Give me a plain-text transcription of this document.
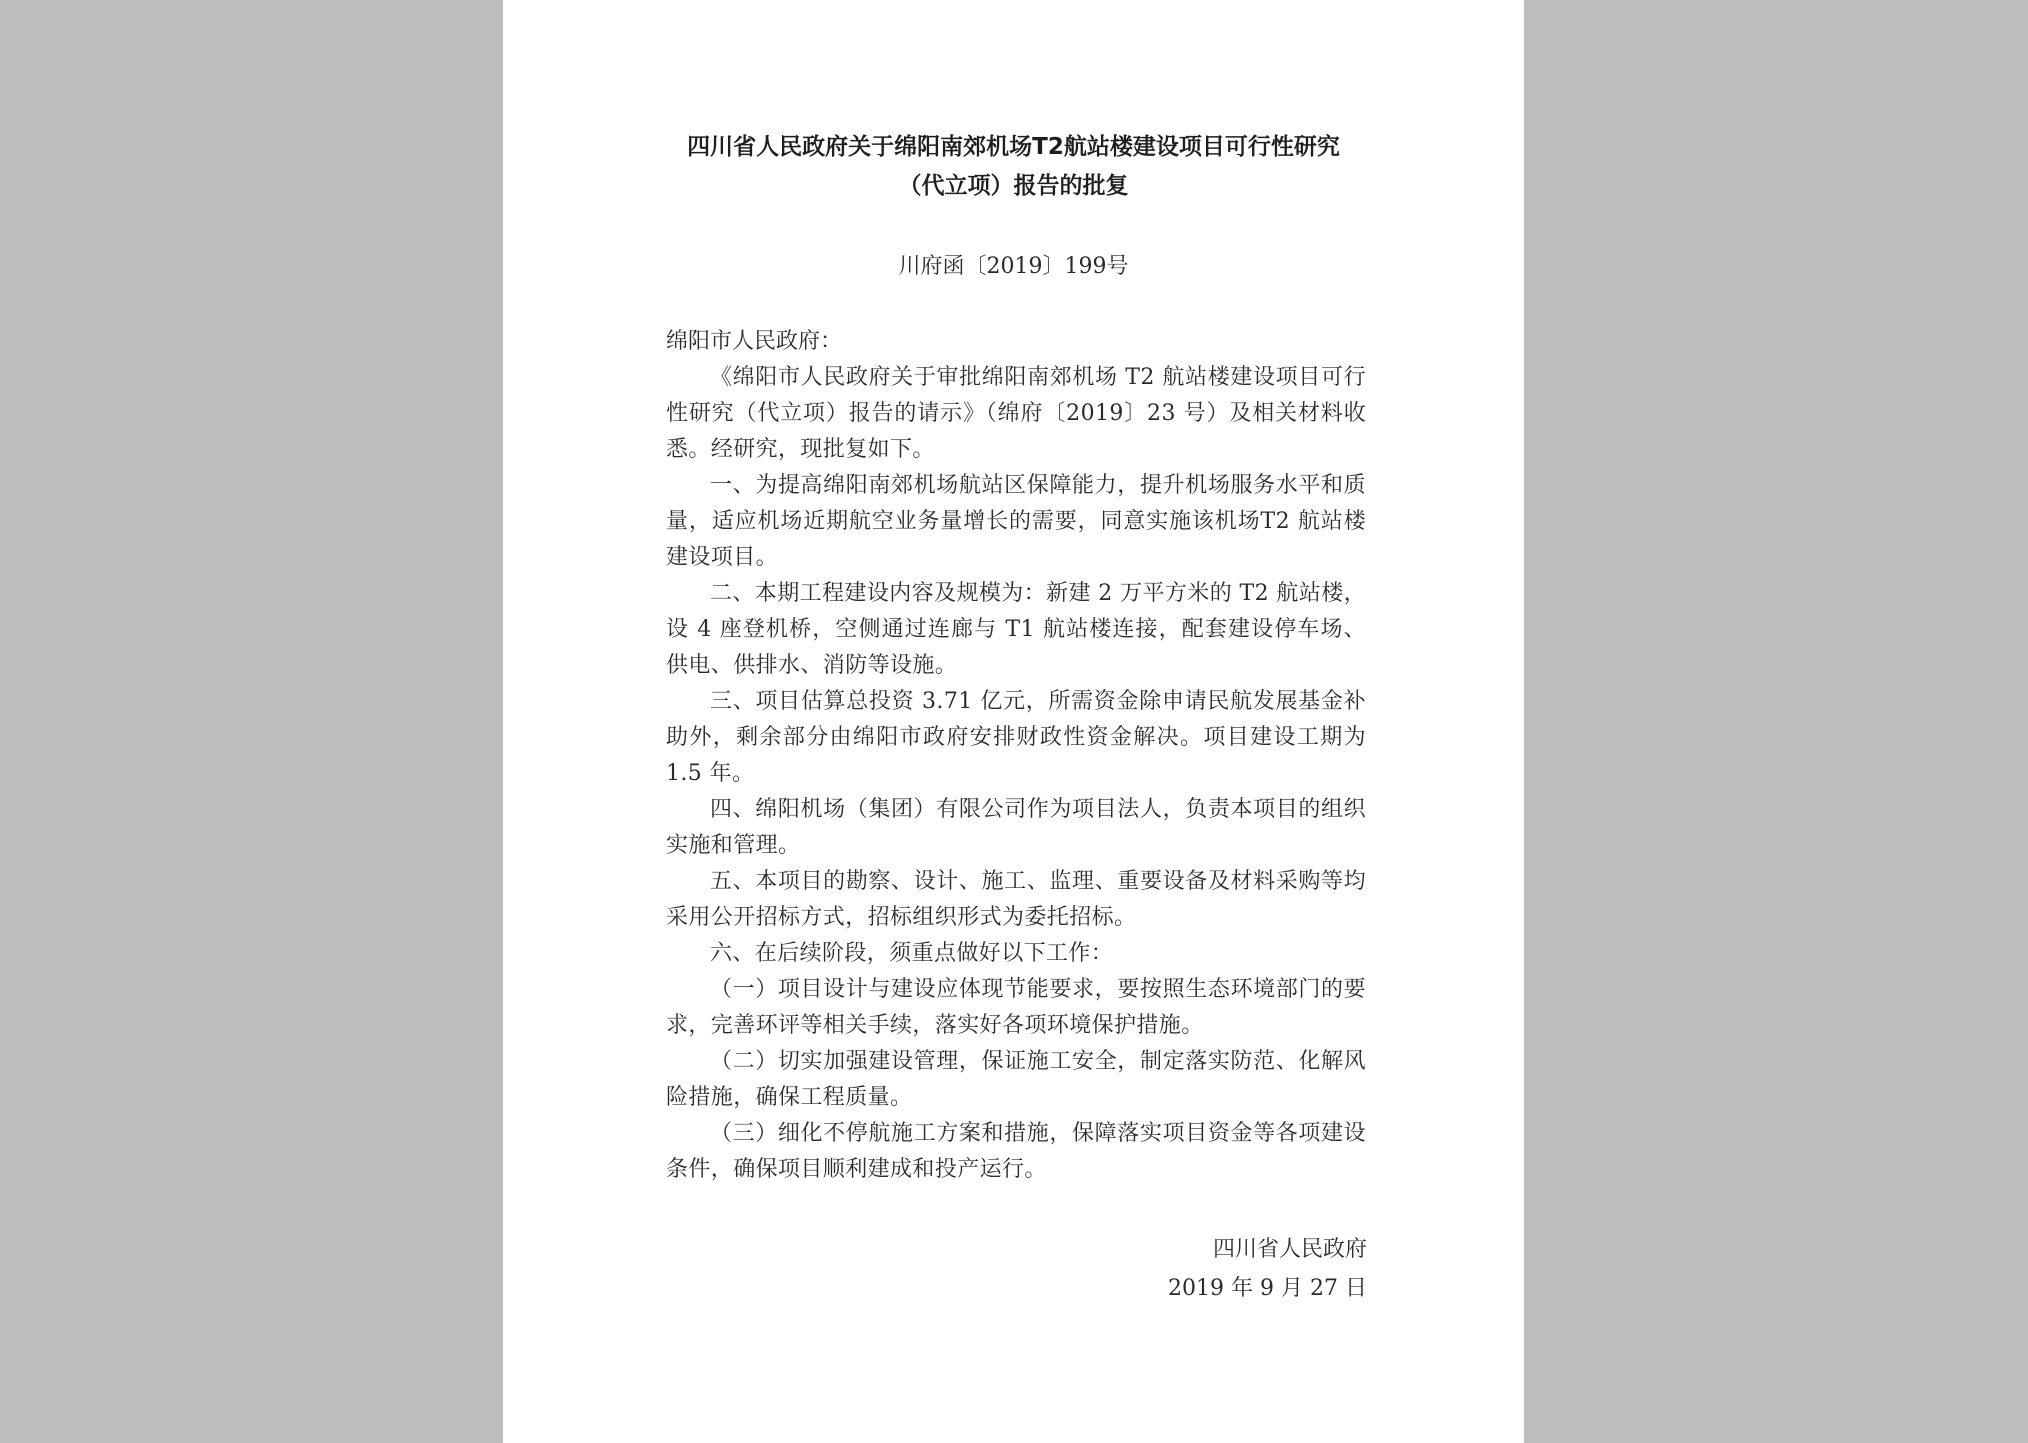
四川省人民政府关于绵阳南郊机场T2航站楼建设项目可行性研究
（代立项）报告的批复
川府函〔2019〕199号

绵阳市人民政府：

《绵阳市人民政府关于审批绵阳南郊机场 T2 航站楼建设项目可行性研究（代立项）报告的请示》（绵府〔2019〕23 号）及相关材料收悉。经研究，现批复如下。

一、为提高绵阳南郊机场航站区保障能力，提升机场服务水平和质量，适应机场近期航空业务量增长的需要，同意实施该机场T2 航站楼建设项目。

二、本期工程建设内容及规模为：新建 2 万平方米的 T2 航站楼，设 4 座登机桥，空侧通过连廊与 T1 航站楼连接，配套建设停车场、供电、供排水、消防等设施。

三、项目估算总投资 3.71 亿元，所需资金除申请民航发展基金补助外，剩余部分由绵阳市政府安排财政性资金解决。项目建设工期为 1.5 年。

四、绵阳机场（集团）有限公司作为项目法人，负责本项目的组织实施和管理。

五、本项目的勘察、设计、施工、监理、重要设备及材料采购等均采用公开招标方式，招标组织形式为委托招标。

六、在后续阶段，须重点做好以下工作：

（一）项目设计与建设应体现节能要求，要按照生态环境部门的要求，完善环评等相关手续，落实好各项环境保护措施。

（二）切实加强建设管理，保证施工安全，制定落实防范、化解风险措施，确保工程质量。

（三）细化不停航施工方案和措施，保障落实项目资金等各项建设条件，确保项目顺利建成和投产运行。

四川省人民政府
2019 年 9 月 27 日
